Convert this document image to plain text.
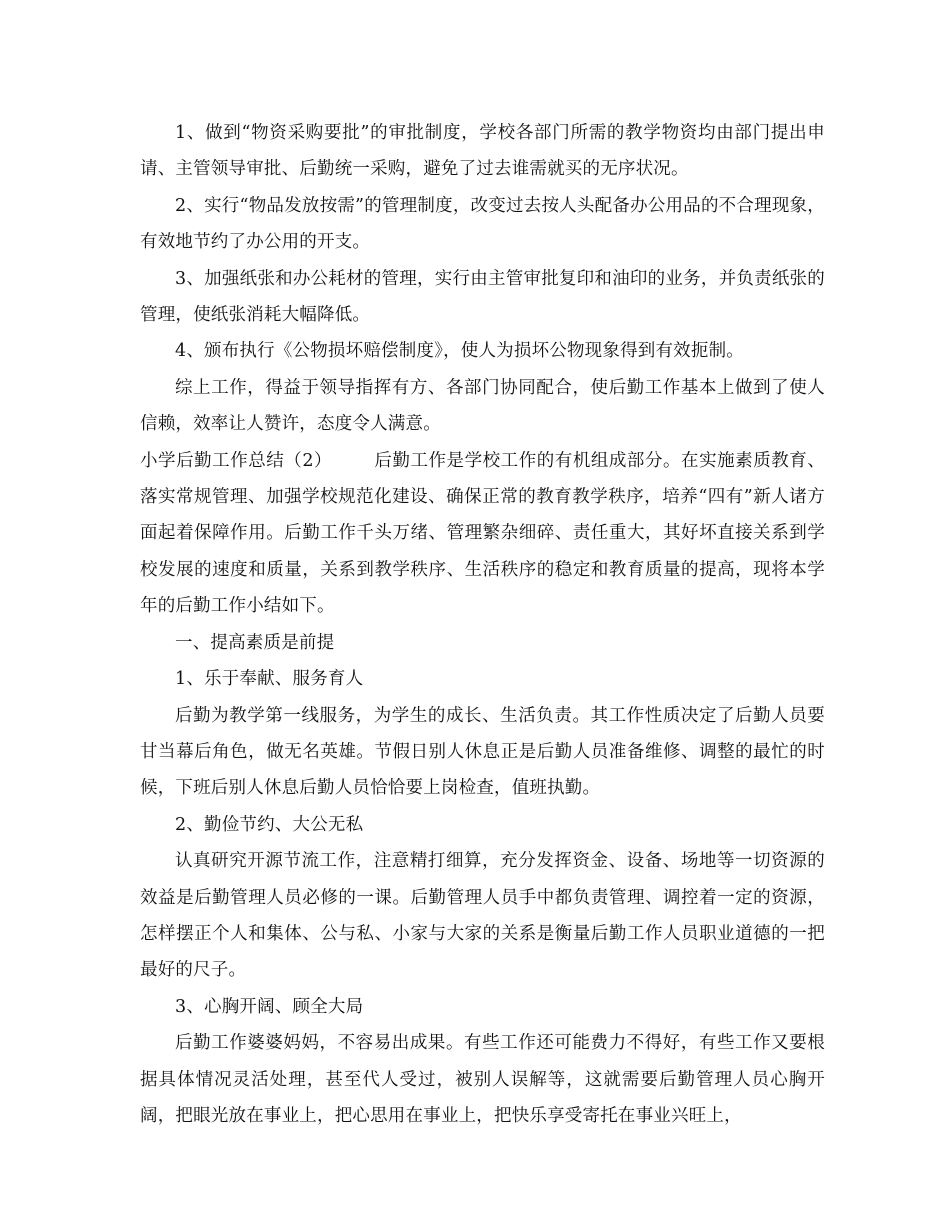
1、做到“物资采购要批”的审批制度，学校各部门所需的教学物资均由部门提出申请、主管领导审批、后勤统一采购，避免了过去谁需就买的无序状况。

2、实行“物品发放按需”的管理制度，改变过去按人头配备办公用品的不合理现象，有效地节约了办公用的开支。

3、加强纸张和办公耗材的管理，实行由主管审批复印和油印的业务，并负责纸张的管理，使纸张消耗大幅降低。

4、颁布执行《公物损坏赔偿制度》，使人为损坏公物现象得到有效扼制。

综上工作，得益于领导指挥有方、各部门协同配合，使后勤工作基本上做到了使人信赖，效率让人赞许，态度令人满意。

小学后勤工作总结（2） 后勤工作是学校工作的有机组成部分。在实施素质教育、落实常规管理、加强学校规范化建设、确保正常的教育教学秩序，培养“四有”新人诸方面起着保障作用。后勤工作千头万绪、管理繁杂细碎、责任重大，其好坏直接关系到学校发展的速度和质量，关系到教学秩序、生活秩序的稳定和教育质量的提高，现将本学年的后勤工作小结如下。

一、提高素质是前提

1、乐于奉献、服务育人

后勤为教学第一线服务，为学生的成长、生活负责。其工作性质决定了后勤人员要甘当幕后角色，做无名英雄。节假日别人休息正是后勤人员准备维修、调整的最忙的时候，下班后别人休息后勤人员恰恰要上岗检查，值班执勤。

2、勤俭节约、大公无私

认真研究开源节流工作，注意精打细算，充分发挥资金、设备、场地等一切资源的效益是后勤管理人员必修的一课。后勤管理人员手中都负责管理、调控着一定的资源，怎样摆正个人和集体、公与私、小家与大家的关系是衡量后勤工作人员职业道德的一把最好的尺子。

3、心胸开阔、顾全大局

后勤工作婆婆妈妈，不容易出成果。有些工作还可能费力不得好，有些工作又要根据具体情况灵活处理，甚至代人受过，被别人误解等，这就需要后勤管理人员心胸开阔，把眼光放在事业上，把心思用在事业上，把快乐享受寄托在事业兴旺上，
